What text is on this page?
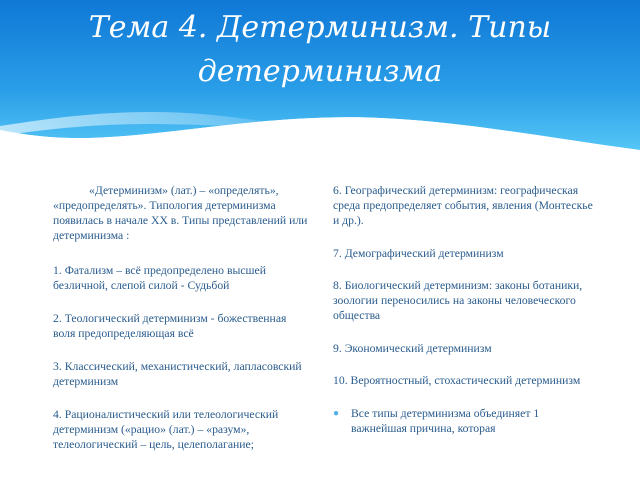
Тема 4. Детерминизм. Типы детерминизма

«Детерминизм» (лат.) – «определять», «предопределять». Типология детерминизма появилась в начале XX в. Типы представлений или детерминизма :

1. Фатализм – всё предопределено высшей безличной, слепой силой - Судьбой

2. Теологический детерминизм - божественная воля предопределяющая всё

3. Классический, механистический, лапласовский детерминизм

4. Рационалистический или телеологический детерминизм («рацио» (лат.) – «разум», телеологический – цель, целеполагание;

6. Географический детерминизм: географическая среда предопределяет события, явления (Монтескье и др.).

7. Демографический детерминизм

8. Биологический детерминизм: законы ботаники, зоологии переносились на законы человеческого общества

9. Экономический детерминизм

10. Вероятностный, стохастический детерминизм

●	Все типы детерминизма объединяет 1 важнейшая причина, которая
